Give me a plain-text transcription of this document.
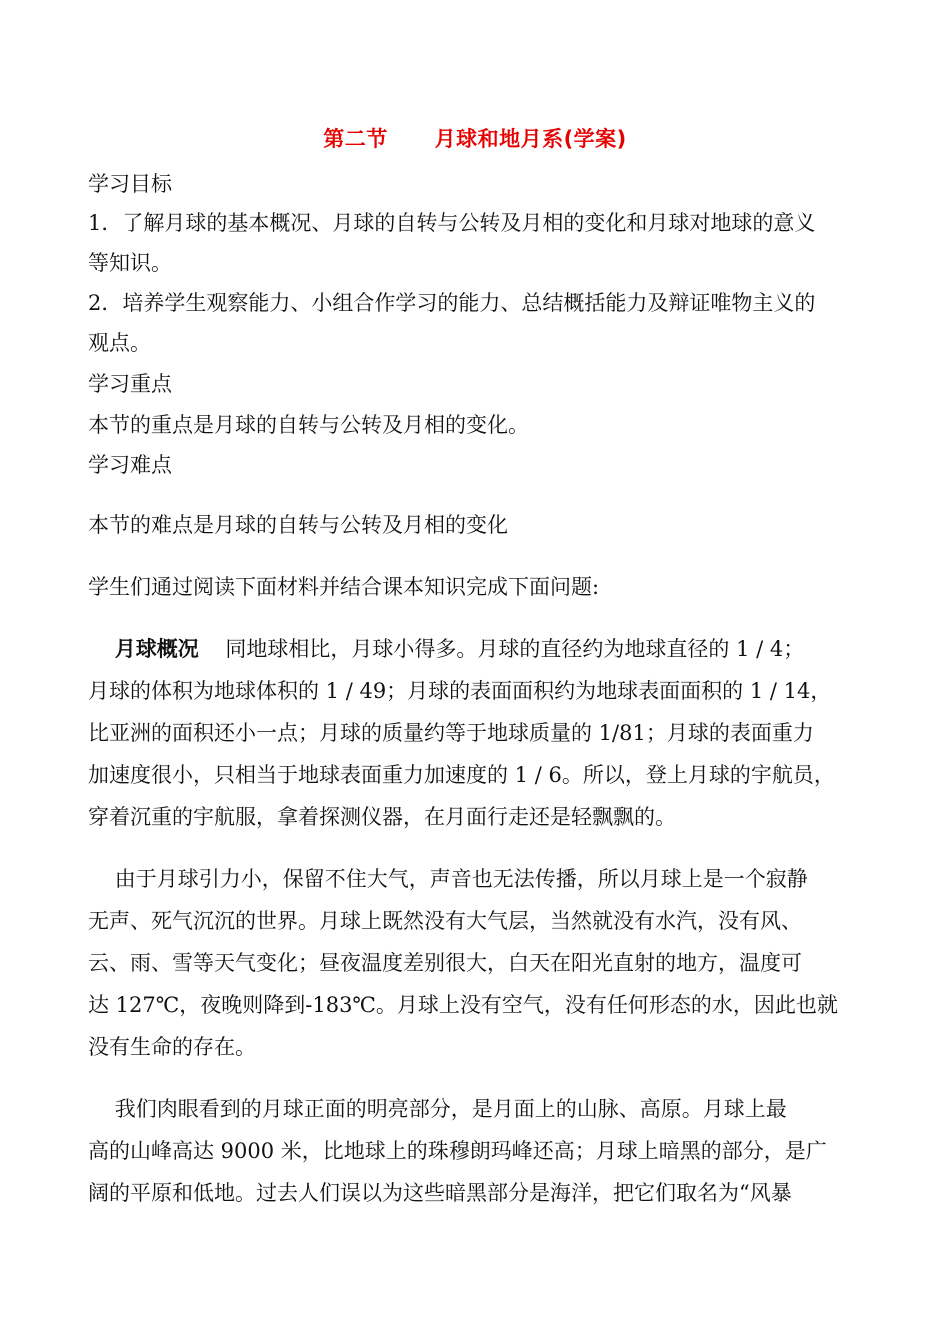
第二节      月球和地月系(学案)
学习目标
1．了解月球的基本概况、月球的自转与公转及月相的变化和月球对地球的意义
等知识。
2．培养学生观察能力、小组合作学习的能力、总结概括能力及辩证唯物主义的
观点。
学习重点
本节的重点是月球的自转与公转及月相的变化。
学习难点
本节的难点是月球的自转与公转及月相的变化
学生们通过阅读下面材料并结合课本知识完成下面问题:
月球概况    同地球相比，月球小得多。月球的直径约为地球直径的 1 / 4；
月球的体积为地球体积的 1 / 49；月球的表面面积约为地球表面面积的 1 / 14，
比亚洲的面积还小一点；月球的质量约等于地球质量的 1/81；月球的表面重力
加速度很小，只相当于地球表面重力加速度的 1 / 6。所以，登上月球的宇航员，
穿着沉重的宇航服，拿着探测仪器，在月面行走还是轻飘飘的。
由于月球引力小，保留不住大气，声音也无法传播，所以月球上是一个寂静
无声、死气沉沉的世界。月球上既然没有大气层，当然就没有水汽，没有风、
云、雨、雪等天气变化；昼夜温度差别很大，白天在阳光直射的地方，温度可
达 127℃，夜晚则降到-183℃。月球上没有空气，没有任何形态的水，因此也就
没有生命的存在。
我们肉眼看到的月球正面的明亮部分，是月面上的山脉、高原。月球上最
高的山峰高达 9000 米，比地球上的珠穆朗玛峰还高；月球上暗黑的部分，是广
阔的平原和低地。过去人们误以为这些暗黑部分是海洋，把它们取名为“风暴
